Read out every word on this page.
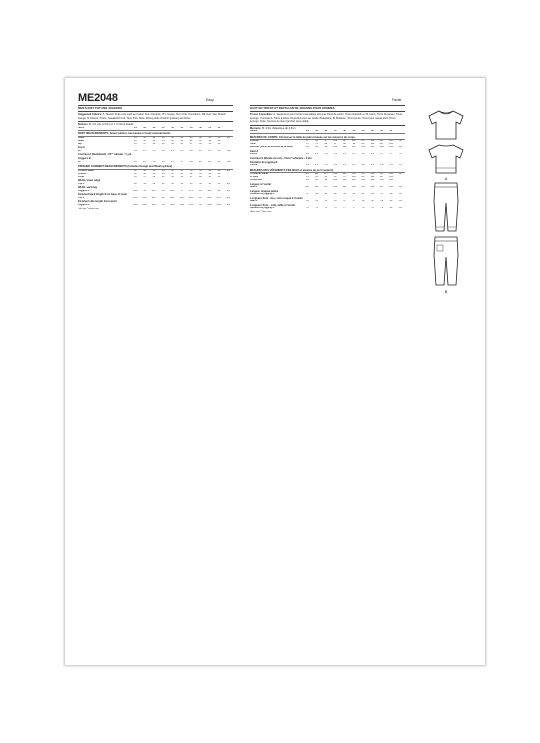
ME2048	Easy
MEN'S KNIT TOP AND JOGGERS

Suggested Fabrics: A: Stretch Knits only such as Cotton Knit, Interlock, ITY, Jersey, Terry Knit. Contrast A: Rib Knit. See Stretch Gauge. B: Fleece, Ponte, Sweatshirt Knit, Terry Knit. Note: Wrong side of fabric (pocket) will show.

Notions: B: 2⅝ yds. (2.6m) of 1" (2.5cm) elastic.

Sizes	34	36	38	40	42	44	46	48	50	52	
BODY MEASUREMENTS: Select pattern size based on body measurements
Chest	34	36	38	40	42	44	46	48	50	52	Ins
Waist	28	30	32	34	36	39	42	44	46	48	"
Hip	35	37	39	41	43	45	47	49	51	53	"
Top A
60"*	1⅝	1⅝	1⅝	1⅝	1⅝	1¾	1¾	1¾	1⅞	1⅞	Yds
Contrast A (Neckband) • 20"* tubular • ⅛ yd.
Joggers B
60"*	1¾	1¾	1⅞	1⅞	1⅞	2	2⅛	2¼	2⅜	2⅜	Yds
FINISHED GARMENT MEASUREMENTS (Includes Design and Wearing Ease)
A Chest, Waist	42	44	46	48	50	52	54	56	58	60	Ins
B Waist	30	32	34	36	38	40	42	44	46	48	"
B Hip	35	37	39	41	43	45	47	49	51	53	"
Width, lower edge
Top A	42	44	46	48	50	52	54	56	58	60	Ins
Width, each leg
Joggers B	14⅝	15	15½	16	16¼	17	17⅝	18	18½	19	Ins
Finished back length from base of neck
Top A	21½	21½	21¾	22	22¼	22½	22¾	23	23¼	23½	Ins
Finished side length from waist
Joggers B	29⅛	29⅜	29⅝	30	30⅛	30⅜	30⅝	31	31⅛	31⅜	Ins
*with nap **without nap
Facile
HAUT EN TRICOT ET PANTALON DE JOGGING POUR HOMMES

Tissus Conseillés: A: Seulement pour tricots extensibles tels que Tricot de coton, Tricot interlock en fil retors, Tricot de jersey, Tricot éponge. Contrast A: Tricot à côtes. Reportez-vous au Guide d'élasticité. B: Molleton, Tricot ponte, Tricot pour sweat-shirt, Tricot éponge. Note: l'envers du tissu (poche) sera visible.

Mercerie: B: 2.6m d'élastique de 2.5cm.

Tailles	34	36	38	40	42	44	46	48	50	52	
MESURES DU CORPS: Choisissez la taille du patron basée sur les mesures du corps
Poitrine	87	92	97	102	107	112	117	122	127	132	cm
Taille	71	76	82	87	92	99	107	112	117	122	"
Hanches (23cm au-dessous de la taille)	89	94	99	104	109	114	119	124	128	135	cm
Haut A
150cm*	1.4	1.4	1.4	1.4	1.5	1.5	1.5	1.6	1.7	1.7	m
Contrast A (Bande du col) • 51cm* tubulaire • 0.2m
Pantalon de jogging B
150cm*	1.5	1.5	1.5	1.5	1.5	1.5	1.8	1.9	1.9	1.9	m
MESURES DES VÊTEMENTS FINI (Motif et aisance de port compris)
A Poitrine, Taille	107	112	117	122	127	132	137	142	147	152	cm
B Taille	76	81	86	91	97	102	107	112	117	122	"
B Hanches	89	94	99	104	109	114	119	124	130	135	"
Largeur à l'ourlet
Haut A	107	112	117	122	127	132	137	142	147	152	cm
Largeur, chaque jambe
Pantalon de jogging B	37	38	39	41	41	43	45	46	47	48	cm
Longueur finie - dos, votre nuque à l'ourlet
Haut A	54	55	55	56	57	57	58	58	59	60	cm
Longueur finie – côté, taille à l'ourlet
Pantalon de jogging B	74	75	75	76	77	77	78	79	79	80	cm
*Avec sens **Sans sens
A
B
